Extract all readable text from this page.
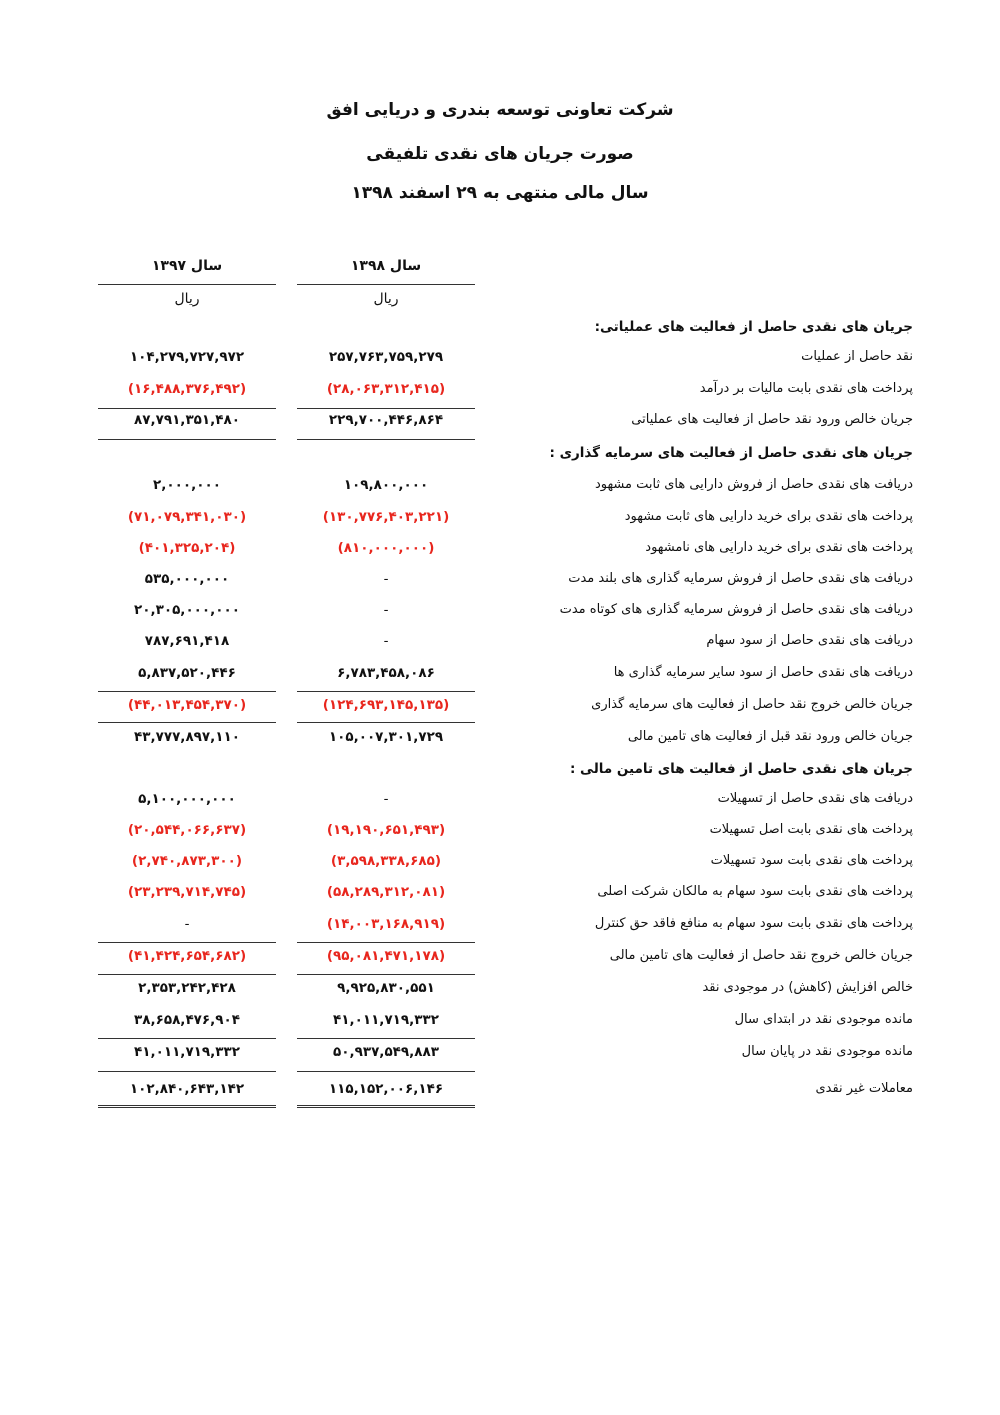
شرکت تعاونی توسعه بندری و دریایی افق
صورت جریان های نقدی تلفیقی
سال مالی منتهی به ۲۹ اسفند ۱۳۹۸
سال ۱۳۹۸
سال ۱۳۹۷
ریال
ریال
جریان های نقدی حاصل از فعالیت های عملیاتی:
نقد حاصل از عملیات
۲۵۷,۷۶۳,۷۵۹,۲۷۹
۱۰۴,۲۷۹,۷۲۷,۹۷۲
پرداخت های نقدی بابت مالیات بر درآمد
(۲۸,۰۶۳,۳۱۲,۴۱۵)
(۱۶,۴۸۸,۳۷۶,۴۹۲)
جریان خالص ورود نقد حاصل از فعالیت های عملیاتی
۲۲۹,۷۰۰,۴۴۶,۸۶۴
۸۷,۷۹۱,۳۵۱,۴۸۰
جریان های نقدی حاصل از فعالیت های سرمایه گذاری :
دریافت های نقدی حاصل از فروش دارایی های ثابت مشهود
۱۰۹,۸۰۰,۰۰۰
۲,۰۰۰,۰۰۰
پرداخت های نقدی برای خرید دارایی های ثابت مشهود
(۱۳۰,۷۷۶,۴۰۳,۲۲۱)
(۷۱,۰۷۹,۳۴۱,۰۳۰)
پرداخت های نقدی برای خرید دارایی های نامشهود
(۸۱۰,۰۰۰,۰۰۰)
(۴۰۱,۳۲۵,۲۰۴)
دریافت های نقدی حاصل از فروش سرمایه گذاری های بلند مدت
-
۵۳۵,۰۰۰,۰۰۰
دریافت های نقدی حاصل از فروش سرمایه گذاری های کوتاه مدت
-
۲۰,۳۰۵,۰۰۰,۰۰۰
دریافت های نقدی حاصل از سود سهام
-
۷۸۷,۶۹۱,۴۱۸
دریافت های نقدی حاصل از سود سایر سرمایه گذاری ها
۶,۷۸۳,۴۵۸,۰۸۶
۵,۸۳۷,۵۲۰,۴۴۶
جریان خالص خروج نقد حاصل از فعالیت های سرمایه گذاری
(۱۲۴,۶۹۳,۱۴۵,۱۳۵)
(۴۴,۰۱۳,۴۵۴,۳۷۰)
جریان خالص ورود نقد قبل از فعالیت های تامین مالی
۱۰۵,۰۰۷,۳۰۱,۷۲۹
۴۳,۷۷۷,۸۹۷,۱۱۰
جریان های نقدی حاصل از فعالیت های تامین مالی :
دریافت های نقدی حاصل از تسهیلات
-
۵,۱۰۰,۰۰۰,۰۰۰
پرداخت های نقدی بابت اصل تسهیلات
(۱۹,۱۹۰,۶۵۱,۴۹۳)
(۲۰,۵۴۴,۰۶۶,۶۳۷)
پرداخت های نقدی بابت سود تسهیلات
(۳,۵۹۸,۳۳۸,۶۸۵)
(۲,۷۴۰,۸۷۳,۳۰۰)
پرداخت های نقدی بابت سود سهام به مالکان شرکت اصلی
(۵۸,۲۸۹,۳۱۲,۰۸۱)
(۲۳,۲۳۹,۷۱۴,۷۴۵)
پرداخت های نقدی بابت سود سهام به منافع فاقد حق کنترل
(۱۴,۰۰۳,۱۶۸,۹۱۹)
-
جریان خالص خروج نقد حاصل از فعالیت های تامین مالی
(۹۵,۰۸۱,۴۷۱,۱۷۸)
(۴۱,۴۲۴,۶۵۴,۶۸۲)
خالص افزایش (کاهش) در موجودی نقد
۹,۹۲۵,۸۳۰,۵۵۱
۲,۳۵۳,۲۴۲,۴۲۸
مانده موجودی نقد در ابتدای سال
۴۱,۰۱۱,۷۱۹,۳۳۲
۳۸,۶۵۸,۴۷۶,۹۰۴
مانده موجودی نقد در پایان سال
۵۰,۹۳۷,۵۴۹,۸۸۳
۴۱,۰۱۱,۷۱۹,۳۳۲
معاملات غیر نقدی
۱۱۵,۱۵۲,۰۰۶,۱۴۶
۱۰۲,۸۴۰,۶۴۳,۱۴۲
